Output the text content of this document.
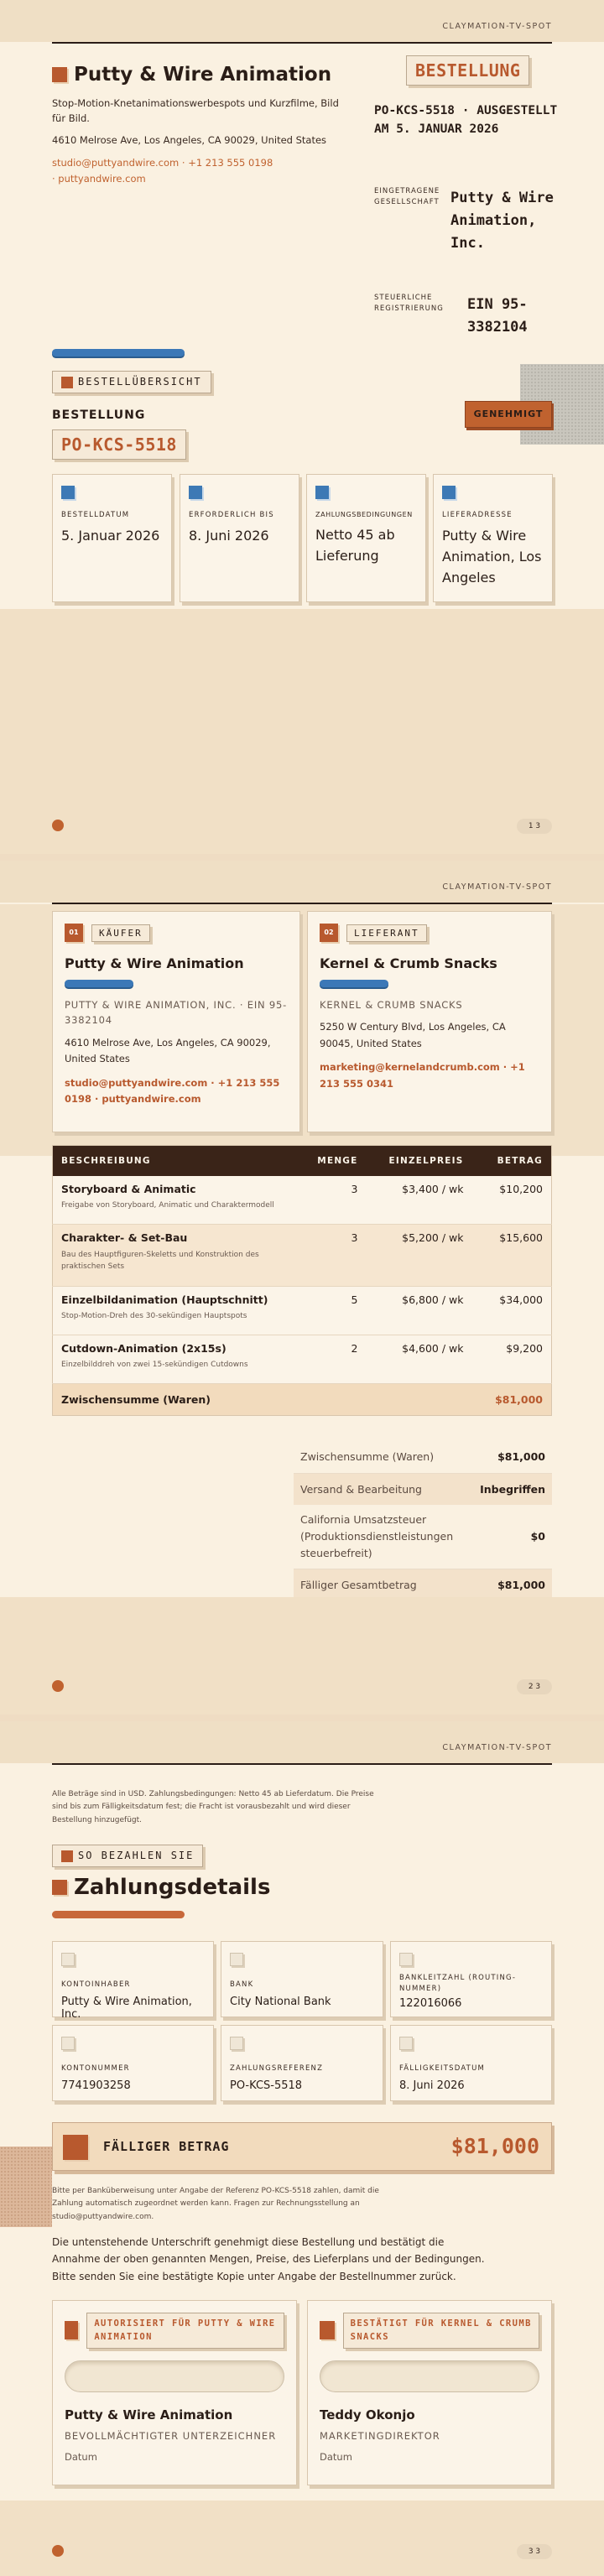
CLAYMATION-TV-SPOT
Putty & Wire Animation
Stop-Motion-Knetanimationswerbespots und Kurzfilme, Bild für Bild.
4610 Melrose Ave, Los Angeles, CA 90029, United States
studio@puttyandwire.com · +1 213 555 0198
· puttyandwire.com
BESTELLUNG
PO-KCS-5518 · AUSGESTELLT AM 5. JANUAR 2026
EINGETRAGENE GESELLSCHAFT Putty & Wire Animation, Inc.
STEUERLICHE REGISTRIERUNG	EIN 95-3382104
BESTELLÜBERSICHT
BESTELLUNG
PO-KCS-5518
GENEHMIGT
BESTELLDATUM
5. Januar 2026
ERFORDERLICH BIS
8. Juni 2026
ZAHLUNGSBEDINGUNGEN
Netto 45 ab Lieferung
LIEFERADRESSE
Putty & Wire Animation, Los Angeles
1 3
CLAYMATION-TV-SPOT
01	KÄUFER
Putty & Wire Animation
PUTTY & WIRE ANIMATION, INC. · EIN 95-3382104
4610 Melrose Ave, Los Angeles, CA 90029, United States
studio@puttyandwire.com · +1 213 555 0198 · puttyandwire.com
02	LIEFERANT
Kernel & Crumb Snacks
KERNEL & CRUMB SNACKS
5250 W Century Blvd, Los Angeles, CA 90045, United States
marketing@kernelandcrumb.com · +1 213 555 0341
BESCHREIBUNG	MENGE	EINZELPREIS	BETRAG

Storyboard & Animatic
Freigabe von Storyboard, Animatic und Charaktermodell	3	$3,400 / wk	$10,200

Charakter- & Set-Bau
Bau des Hauptfiguren-Skeletts und Konstruktion des praktischen Sets	3	$5,200 / wk	$15,600

Einzelbildanimation (Hauptschnitt)
Stop-Motion-Dreh des 30-sekündigen Hauptspots	5	$6,800 / wk	$34,000

Cutdown-Animation (2x15s)
Einzelbilddreh von zwei 15-sekündigen Cutdowns	2	$4,600 / wk	$9,200
Zwischensumme (Waren)			$81,000
Zwischensumme (Waren)	$81,000
Versand & Bearbeitung	Inbegriffen
California Umsatzsteuer (Produktionsdienstleistungen steuerbefreit)	$0
Fälliger Gesamtbetrag	$81,000
2 3
CLAYMATION-TV-SPOT
Alle Beträge sind in USD. Zahlungsbedingungen: Netto 45 ab Lieferdatum. Die Preise sind bis zum Fälligkeitsdatum fest; die Fracht ist vorausbezahlt und wird dieser Bestellung hinzugefügt.
SO BEZAHLEN SIE
Zahlungsdetails
KONTOINHABER
Putty & Wire Animation, Inc.
BANK
City National Bank
BANKLEITZAHL (ROUTING-NUMMER)
122016066
KONTONUMMER
7741903258
ZAHLUNGSREFERENZ
PO-KCS-5518
FÄLLIGKEITSDATUM
8. Juni 2026
FÄLLIGER BETRAG	$81,000
Bitte per Banküberweisung unter Angabe der Referenz PO-KCS-5518 zahlen, damit die Zahlung automatisch zugeordnet werden kann. Fragen zur Rechnungsstellung an studio@puttyandwire.com.
Die untenstehende Unterschrift genehmigt diese Bestellung und bestätigt die Annahme der oben genannten Mengen, Preise, des Lieferplans und der Bedingungen. Bitte senden Sie eine bestätigte Kopie unter Angabe der Bestellnummer zurück.
AUTORISIERT FÜR PUTTY & WIRE ANIMATION
Putty & Wire Animation
BEVOLLMÄCHTIGTER UNTERZEICHNER
Datum
BESTÄTIGT FÜR KERNEL & CRUMB SNACKS
Teddy Okonjo
MARKETINGDIREKTOR
Datum
3 3
